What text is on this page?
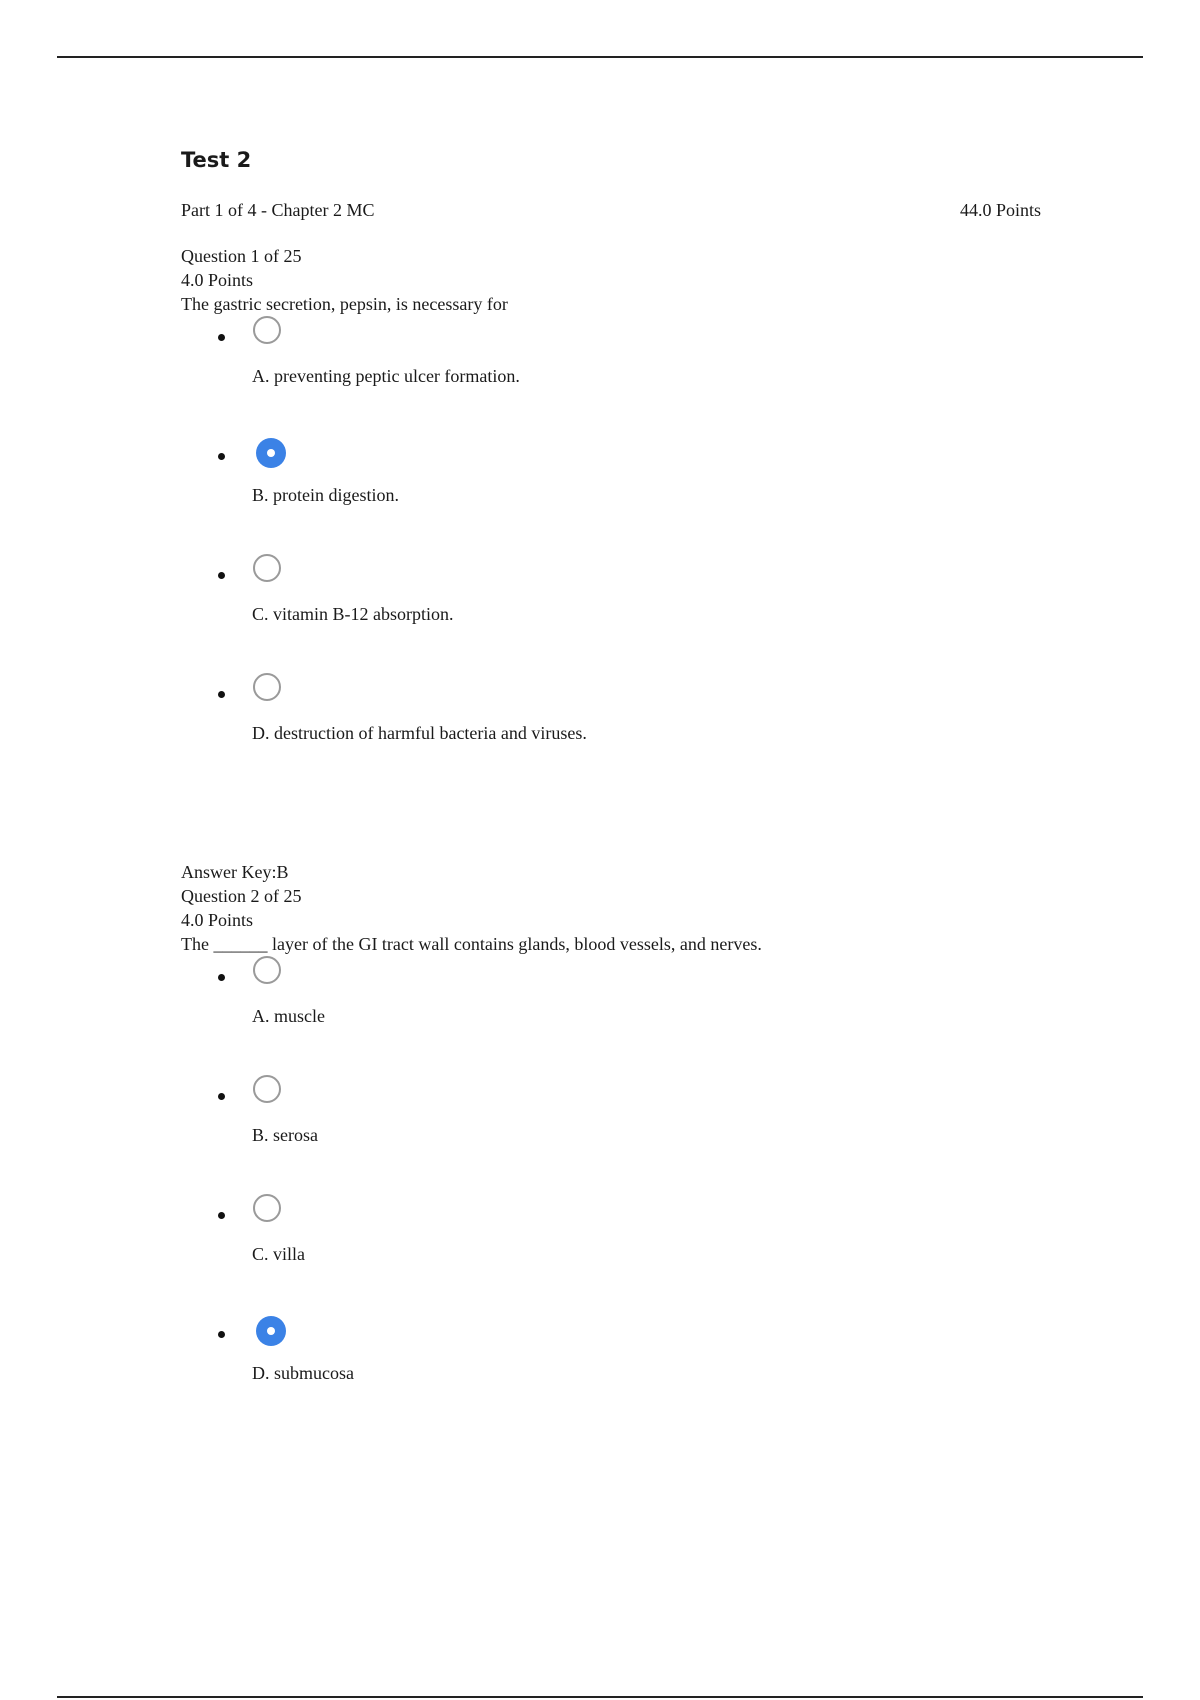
Test 2
Part 1 of 4 - Chapter 2 MC	44.0 Points
Question 1 of 25
4.0 Points
The gastric secretion, pepsin, is necessary for
A. preventing peptic ulcer formation.
B. protein digestion.
C. vitamin B-12 absorption.
D. destruction of harmful bacteria and viruses.
Answer Key:B
Question 2 of 25
4.0 Points
The ______ layer of the GI tract wall contains glands, blood vessels, and nerves.
A. muscle
B. serosa
C. villa
D. submucosa
